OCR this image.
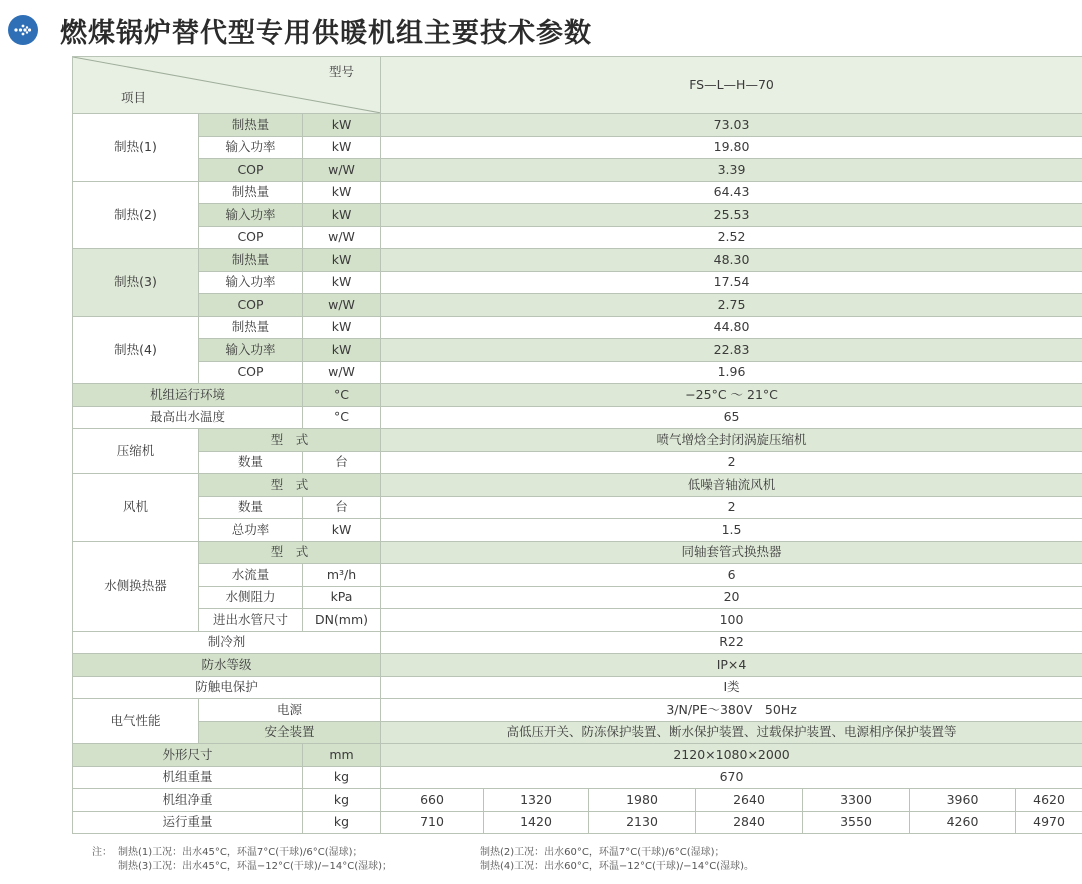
燃煤锅炉替代型专用供暖机组主要技术参数
型号
项目			FS—L—H—70						
制热(1)	制热量	kW	73.03						
	输入功率	kW	19.80						
	COP	w/W	3.39						
制热(2)	制热量	kW	64.43						
	输入功率	kW	25.53						
	COP	w/W	2.52						
制热(3)	制热量	kW	48.30						
	输入功率	kW	17.54						
	COP	w/W	2.75						
制热(4)	制热量	kW	44.80						
	输入功率	kW	22.83						
	COP	w/W	1.96						
机组运行环境		°C	−25°C ～ 21°C						
最高出水温度		°C	65						
压缩机	型　式		喷气增焓全封闭涡旋压缩机						
	数量	台	2						
风机	型　式		低噪音轴流风机						
	数量	台	2						
	总功率	kW	1.5						
水侧换热器	型　式		同轴套管式换热器						
	水流量	m³/h	6						
	水侧阻力	kPa	20						
	进出水管尺寸	DN(mm)	100						
制冷剂			R22						
防水等级			IP×4						
防触电保护			Ⅰ类						
电气性能	电源		3/N/PE～380V　50Hz						
	安全装置		高低压开关、防冻保护装置、断水保护装置、过载保护装置、电源相序保护装置等						
外形尺寸		mm	2120×1080×2000						
机组重量		kg	670						
机组净重		kg	660	1320	1980	2640	3300	3960	4620
运行重量		kg	710	1420	2130	2840	3550	4260	4970
注： 制热(1)工况：出水45°C，环温7°C(干球)/6°C(湿球)；	制热(2)工况：出水60°C，环温7°C(干球)/6°C(湿球)；
制热(3)工况：出水45°C，环温−12°C(干球)/−14°C(湿球)；	制热(4)工况：出水60°C，环温−12°C(干球)/−14°C(湿球)。
